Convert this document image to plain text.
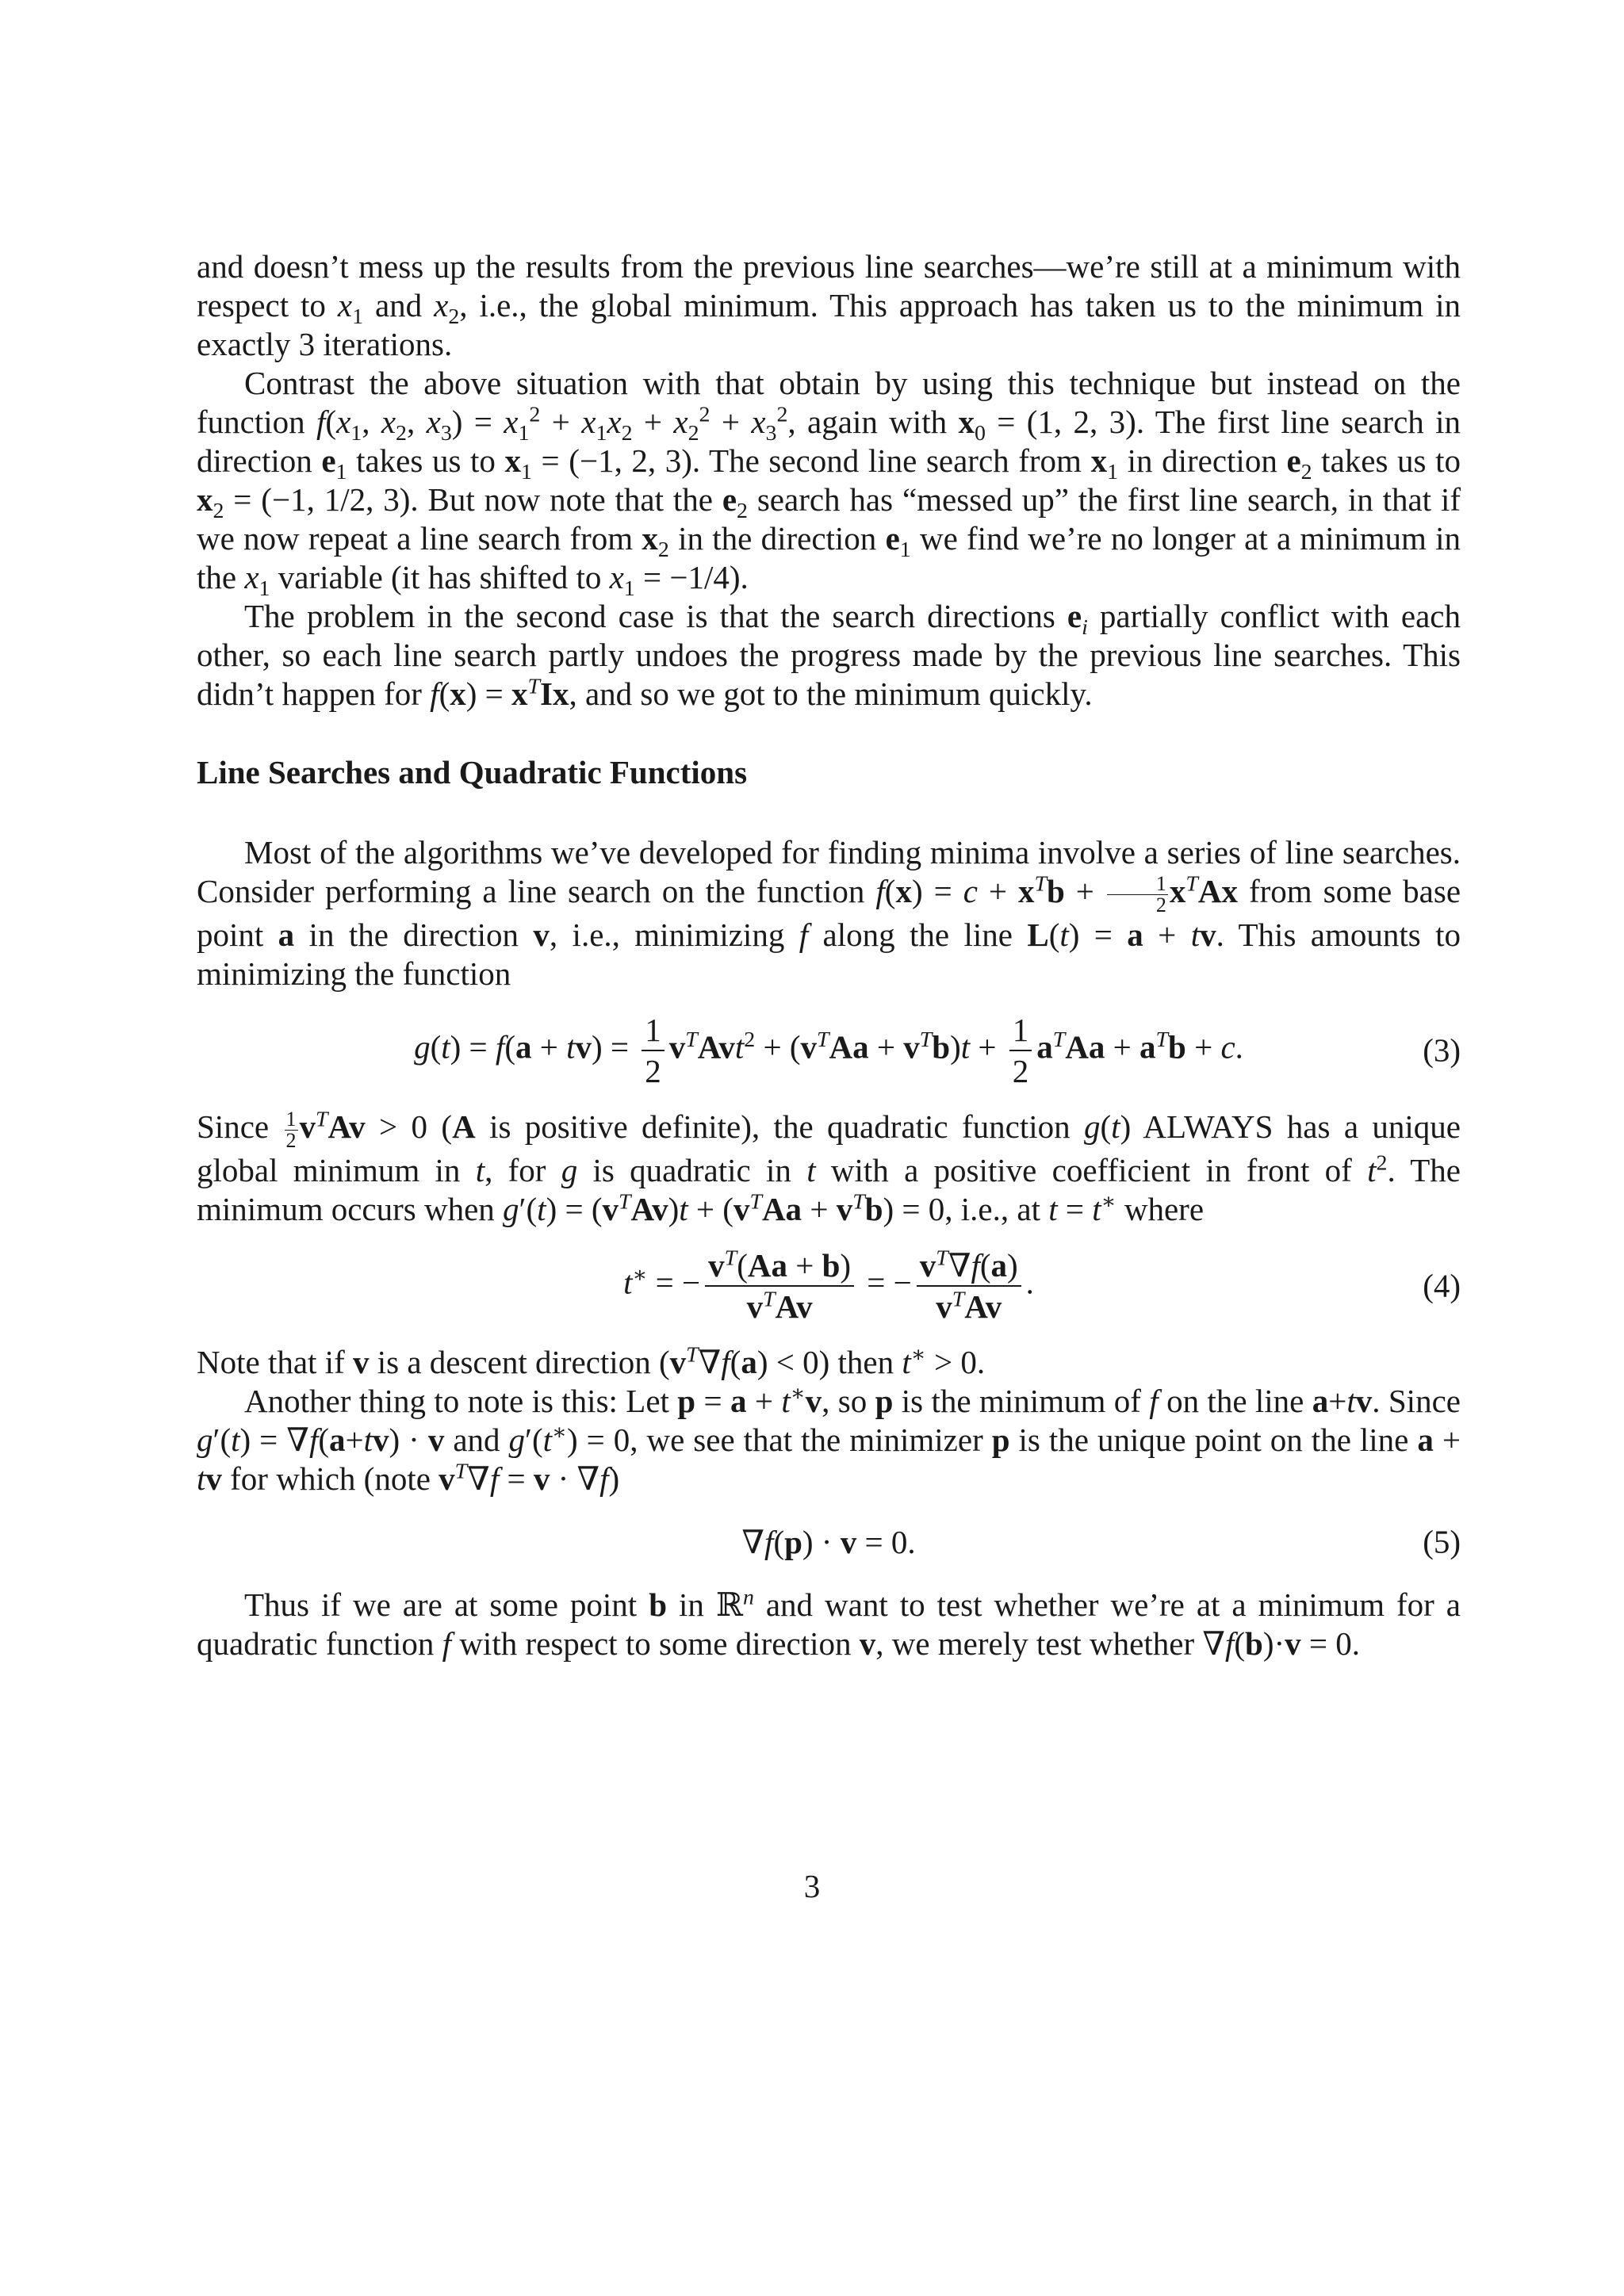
and doesn’t mess up the results from the previous line searches—we’re still at a minimum with respect to $x_1$ and $x_2$, i.e., the global minimum. This approach has taken us to the minimum in exactly 3 iterations.

Contrast the above situation with that obtain by using this technique but instead on the function $f(x_1$, $x_2$, $x_3) = x_1^2 + x_1x_2 + x_2^2 + x_3^2$, again with $x_0 = (1$, 2, 3). The first line search in direction $e_1$ takes us to $x_1 = (-1$, 2, 3). The second line search from $x_1$ in direction $e_2$ takes us to $x_2 = (-1$, 1/2, 3). But now note that the $e_2$ search has “messed up” the first line search, in that if we now repeat a line search from $x_2$ in the direction $e_1$ we find we’re no longer at a minimum in the $x_1$ variable (it has shifted to $x_1 = -1/4$).

The problem in the second case is that the search directions $e_i$ partially conflict with each other, so each line search partly undoes the progress made by the previous line searches. This didn’t happen for $f(x) = x^TIx$, and so we got to the minimum quickly.

Line Searches and Quadratic Functions

Most of the algorithms we’ve developed for finding minima involve a series of line searches. Consider performing a line search on the function $f(x) = c + x^Tb + \frac{1}{2} x^TAx$ from some base point a in the direction v, i.e., minimizing f along the line L(t) = a + tv. This amounts to minimizing the function

$g(t) = f(a + tv) = \frac{1}{2} v^TAvt^2 + (v^TAa + v^Tb)t + \frac{1}{2} a^TAa + a^Tb + c$.	(3)

Since $\frac{1}{2} v^TAv > 0$ (A is positive definite), the quadratic function g(t) ALWAYS has a unique global minimum in t, for g is quadratic in t with a positive coefficient in front of $t^2$. The minimum occurs when $g'(t) = (v^TAv)t + (v^TAa + v^Tb) = 0$, i.e., at t = t∗ where

t∗ = − $\frac{v^T(Aa + b)}{v^TAv}$ = − $\frac{v^T\nabla f(a)}{v^TAv}$ .	(4)

Note that if v is a descent direction $(v^T\nabla f(a) < 0)$ then t∗ > 0.

Another thing to note is this: Let p = a + t∗v, so p is the minimum of f on the line a+tv. Since g′(t) = ∇f(a+tv) · v and g′(t∗) = 0, we see that the minimizer p is the unique point on the line a + tv for which (note $v^T\nabla f = v \cdot \nabla f$)

∇f(p) · v = 0.	(5)

Thus if we are at some point b in ℝ$^n$ and want to test whether we’re at a minimum for a quadratic function f with respect to some direction v, we merely test whether ∇f(b)·v = 0.

3
